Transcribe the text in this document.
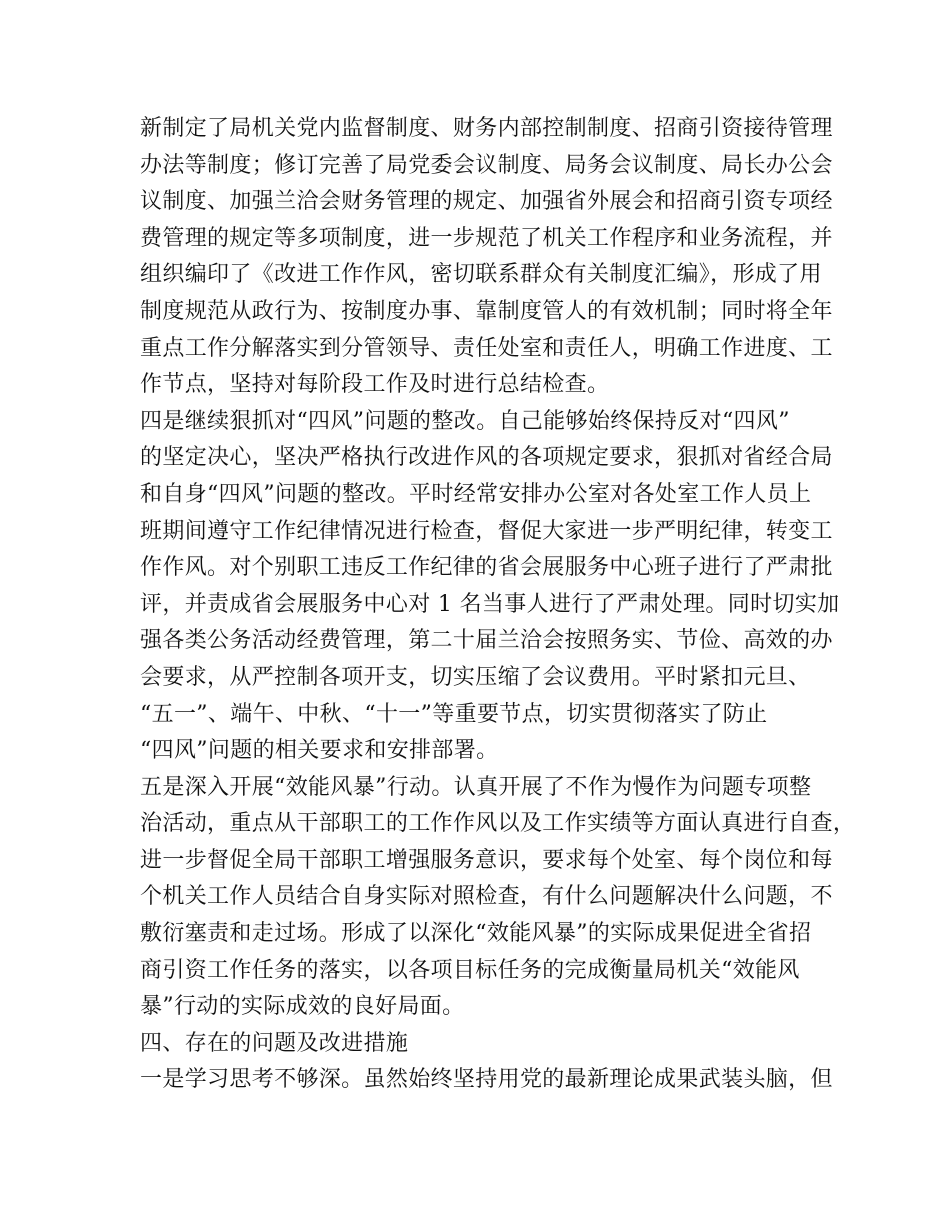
新制定了局机关党内监督制度、财务内部控制制度、招商引资接待管理
办法等制度；修订完善了局党委会议制度、局务会议制度、局长办公会
议制度、加强兰洽会财务管理的规定、加强省外展会和招商引资专项经
费管理的规定等多项制度，进一步规范了机关工作程序和业务流程，并
组织编印了《改进工作作风，密切联系群众有关制度汇编》，形成了用
制度规范从政行为、按制度办事、靠制度管人的有效机制；同时将全年
重点工作分解落实到分管领导、责任处室和责任人，明确工作进度、工
作节点，坚持对每阶段工作及时进行总结检查。
四是继续狠抓对“四风”问题的整改。自己能够始终保持反对“四风”
的坚定决心，坚决严格执行改进作风的各项规定要求，狠抓对省经合局
和自身“四风”问题的整改。平时经常安排办公室对各处室工作人员上
班期间遵守工作纪律情况进行检查，督促大家进一步严明纪律，转变工
作作风。对个别职工违反工作纪律的省会展服务中心班子进行了严肃批
评，并责成省会展服务中心对 1 名当事人进行了严肃处理。同时切实加
强各类公务活动经费管理，第二十届兰洽会按照务实、节俭、高效的办
会要求，从严控制各项开支，切实压缩了会议费用。平时紧扣元旦、
“五一”、端午、中秋、“十一”等重要节点，切实贯彻落实了防止
“四风”问题的相关要求和安排部署。
五是深入开展“效能风暴”行动。认真开展了不作为慢作为问题专项整
治活动，重点从干部职工的工作作风以及工作实绩等方面认真进行自查，
进一步督促全局干部职工增强服务意识，要求每个处室、每个岗位和每
个机关工作人员结合自身实际对照检查，有什么问题解决什么问题，不
敷衍塞责和走过场。形成了以深化“效能风暴”的实际成果促进全省招
商引资工作任务的落实，以各项目标任务的完成衡量局机关“效能风
暴”行动的实际成效的良好局面。
四、存在的问题及改进措施
一是学习思考不够深。虽然始终坚持用党的最新理论成果武装头脑，但
